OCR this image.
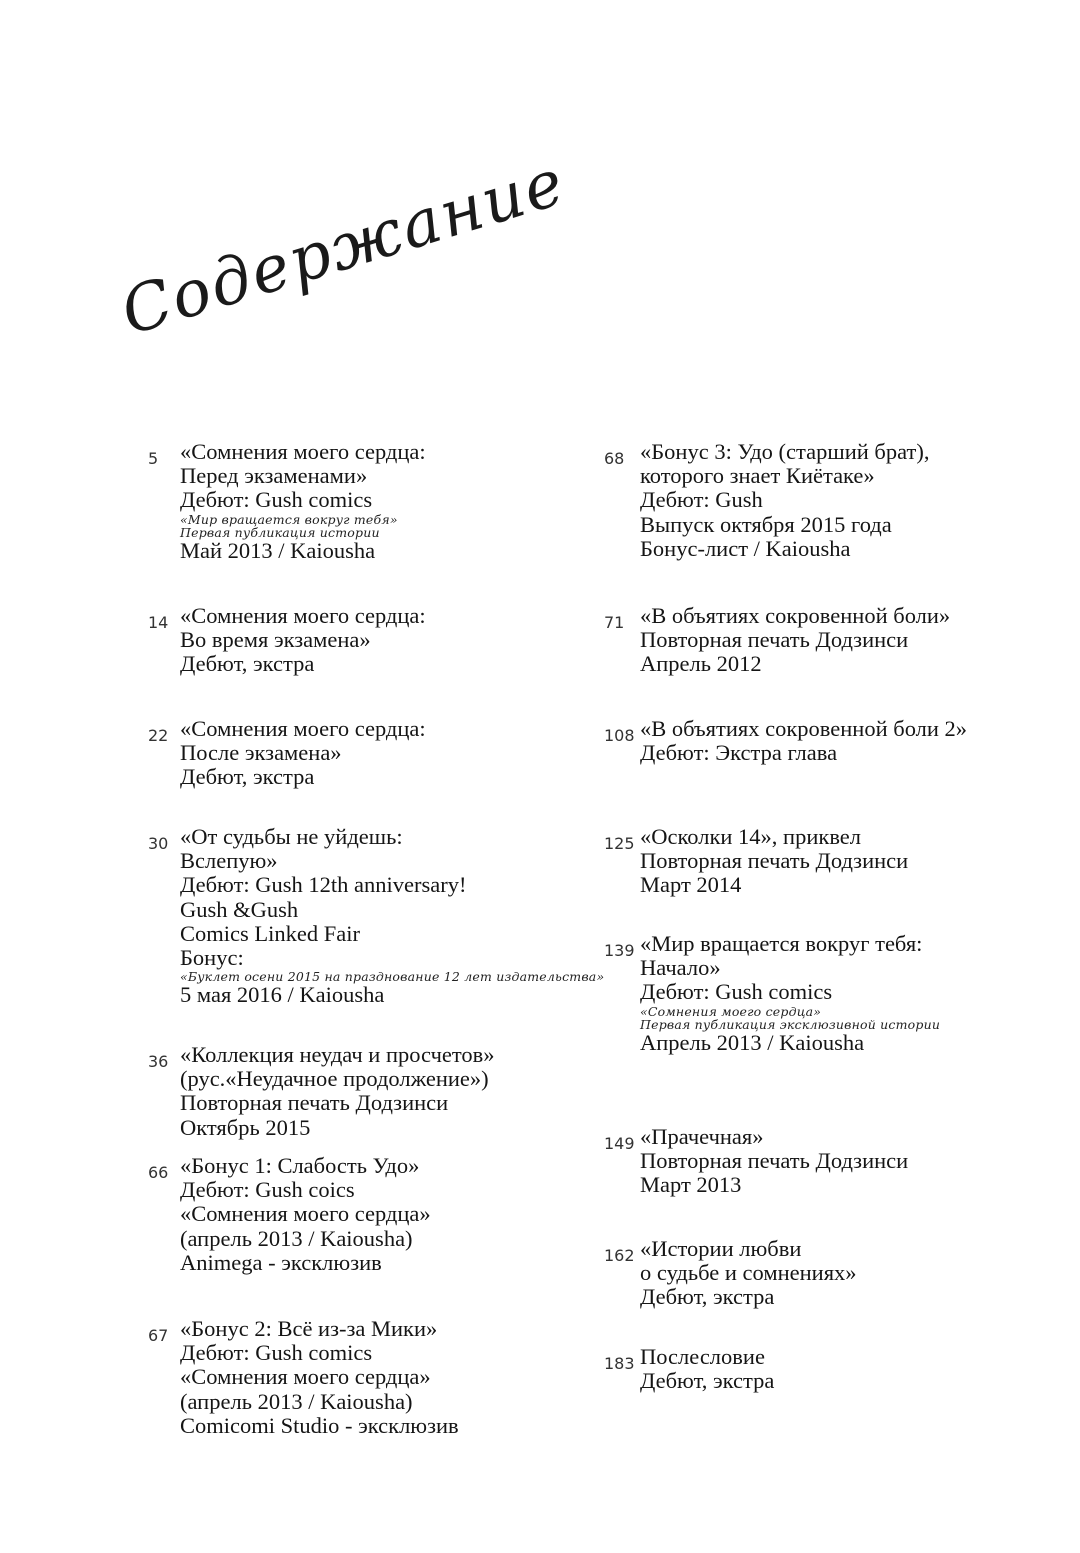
Содержание
5 «Сомнения моего сердца:
Перед экзаменами»
Дебют: Gush comics
«Мир вращается вокруг тебя»
Первая публикация истории
Май 2013 / Kaiousha
14 «Сомнения моего сердца:
Во время экзамена»
Дебют, экстра
22 «Сомнения моего сердца:
После экзамена»
Дебют, экстра
30 «От судьбы не уйдешь:
Вслепую»
Дебют: Gush 12th anniversary!
Gush &Gush
Comics Linked Fair
Бонус:
«Буклет осени 2015 на празднование 12 лет издательства»
5 мая 2016 / Kaiousha
36 «Коллекция неудач и просчетов»
(рус.«Неудачное продолжение»)
Повторная печать Додзинси
Октябрь 2015
66 «Бонус 1: Слабость Удо»
Дебют: Gush coics
«Сомнения моего сердца»
(апрель 2013 / Kaiousha)
Animega - эксклюзив
67 «Бонус 2: Всё из-за Мики»
Дебют: Gush comics
«Сомнения моего сердца»
(апрель 2013 / Kaiousha)
Comicomi Studio - эксклюзив
68 «Бонус 3: Удо (старший брат),
которого знает Киётаке»
Дебют: Gush
Выпуск октября 2015 года
Бонус-лист / Kaiousha
71 «В объятиях сокровенной боли»
Повторная печать Додзинси
Апрель 2012
108 «В объятиях сокровенной боли 2»
Дебют: Экстра глава
125 «Осколки 14», приквел
Повторная печать Додзинси
Март 2014
139 «Мир вращается вокруг тебя:
Начало»
Дебют: Gush comics
«Сомнения моего сердца»
Первая публикация эксклюзивной истории
Апрель 2013 / Kaiousha
149 «Прачечная»
Повторная печать Додзинси
Март 2013
162 «Истории любви
о судьбе и сомнениях»
Дебют, экстра
183 Послесловие
Дебют, экстра
